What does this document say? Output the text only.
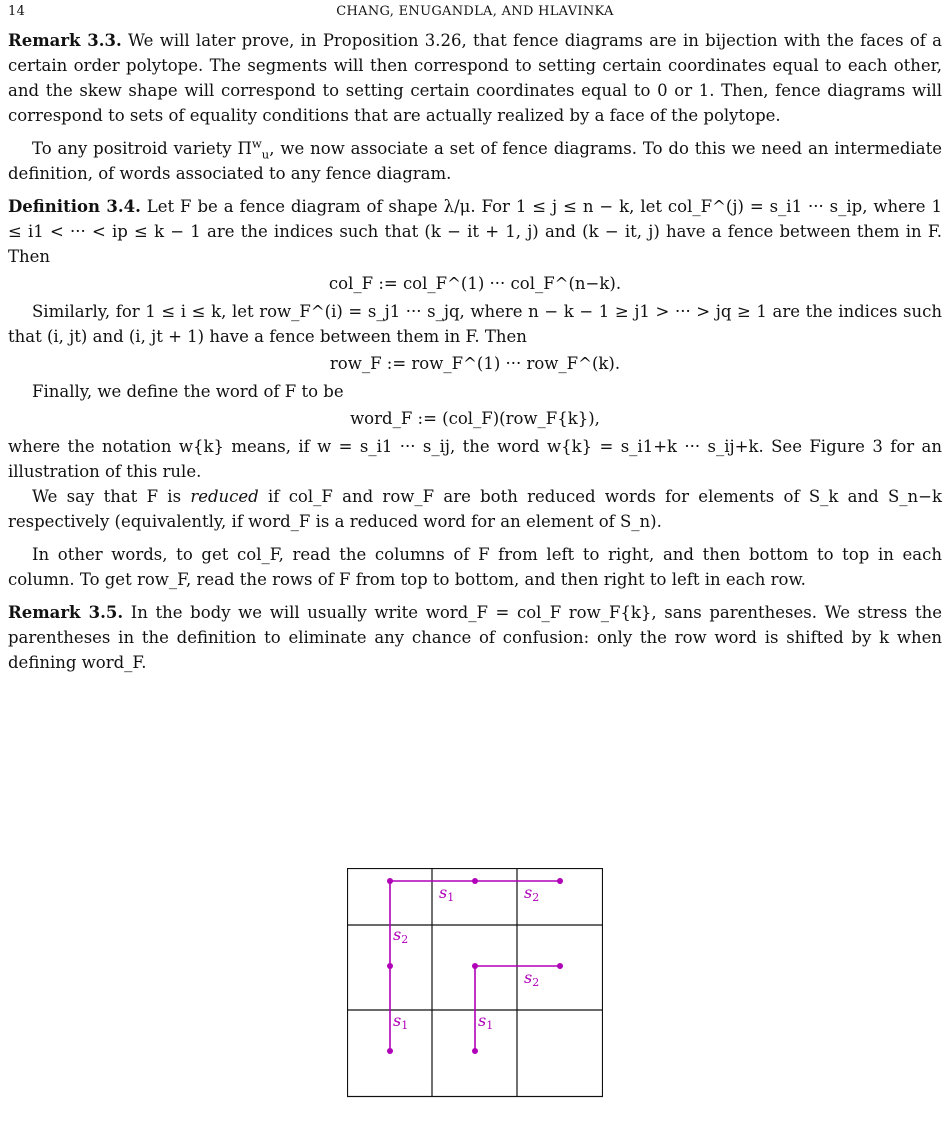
14	CHANG, ENUGANDLA, AND HLAVINKA

Remark 3.3. We will later prove, in Proposition 3.26, that fence diagrams are in bijection with the faces of a certain order polytope. The segments will then correspond to setting certain coordinates equal to each other, and the skew shape will correspond to setting certain coordinates equal to 0 or 1. Then, fence diagrams will correspond to sets of equality conditions that are actually realized by a face of the polytope.

To any positroid variety $\Pi^w_u$, we now associate a set of fence diagrams. To do this we need an intermediate definition, of words associated to any fence diagram.

Definition 3.4. Let F be a fence diagram of shape λ/μ. For 1 ≤ j ≤ n − k, let col_F^(j) = s_i1 ··· s_ip, where 1 ≤ i1 < ··· < ip ≤ k − 1 are the indices such that (k − it + 1, j) and (k − it, j) have a fence between them in F. Then

col_F := col_F^(1) ··· col_F^(n−k).

Similarly, for 1 ≤ i ≤ k, let row_F^(i) = s_j1 ··· s_jq, where n − k − 1 ≥ j1 > ··· > jq ≥ 1 are the indices such that (i, jt) and (i, jt + 1) have a fence between them in F. Then

row_F := row_F^(1) ··· row_F^(k).

Finally, we define the word of F to be

word_F := (col_F)(row_F{k}),

where the notation w{k} means, if w = s_i1 ··· s_ij, the word w{k} = s_i1+k ··· s_ij+k. See Figure 3 for an illustration of this rule.

We say that F is reduced if col_F and row_F are both reduced words for elements of S_k and S_n−k respectively (equivalently, if word_F is a reduced word for an element of S_n).

In other words, to get col_F, read the columns of F from left to right, and then bottom to top in each column. To get row_F, read the rows of F from top to bottom, and then right to left in each row.

Remark 3.5. In the body we will usually write word_F = col_F row_F{k}, sans parentheses. We stress the parentheses in the definition to eliminate any chance of confusion: only the row word is shifted by k when defining word_F.

s1	s2
s2
s2
s1	s1
